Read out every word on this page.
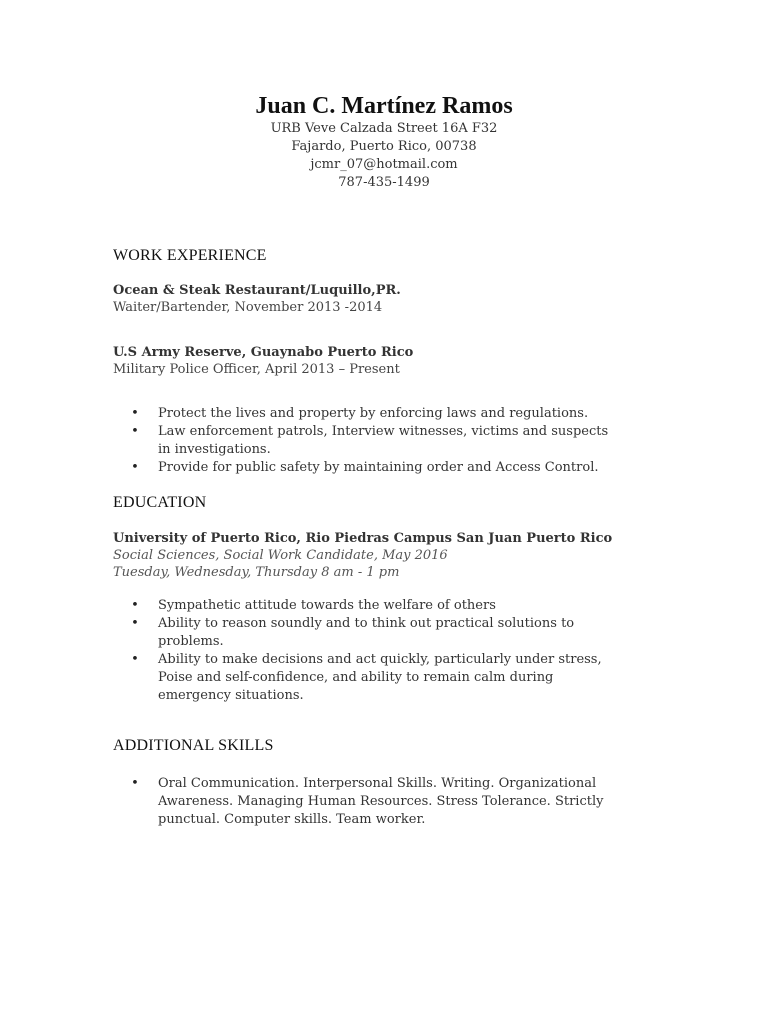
Juan C. Martínez Ramos
URB Veve Calzada Street 16A F32
Fajardo, Puerto Rico, 00738
jcmr_07@hotmail.com
787-435-1499
WORK EXPERIENCE
Ocean & Steak Restaurant/Luquillo,PR.
Waiter/Bartender, November 2013 -2014
U.S Army Reserve, Guaynabo Puerto Rico
Military Police Officer, April 2013 – Present
• Protect the lives and property by enforcing laws and regulations.
• Law enforcement patrols, Interview witnesses, victims and suspects in investigations.
• Provide for public safety by maintaining order and Access Control.
EDUCATION
University of Puerto Rico, Rio Piedras Campus San Juan Puerto Rico
Social Sciences, Social Work Candidate, May 2016
Tuesday, Wednesday, Thursday 8 am - 1 pm
• Sympathetic attitude towards the welfare of others
• Ability to reason soundly and to think out practical solutions to problems.
• Ability to make decisions and act quickly, particularly under stress, Poise and self-confidence, and ability to remain calm during emergency situations.
ADDITIONAL SKILLS
• Oral Communication. Interpersonal Skills. Writing. Organizational Awareness. Managing Human Resources. Stress Tolerance. Strictly punctual. Computer skills. Team worker.
